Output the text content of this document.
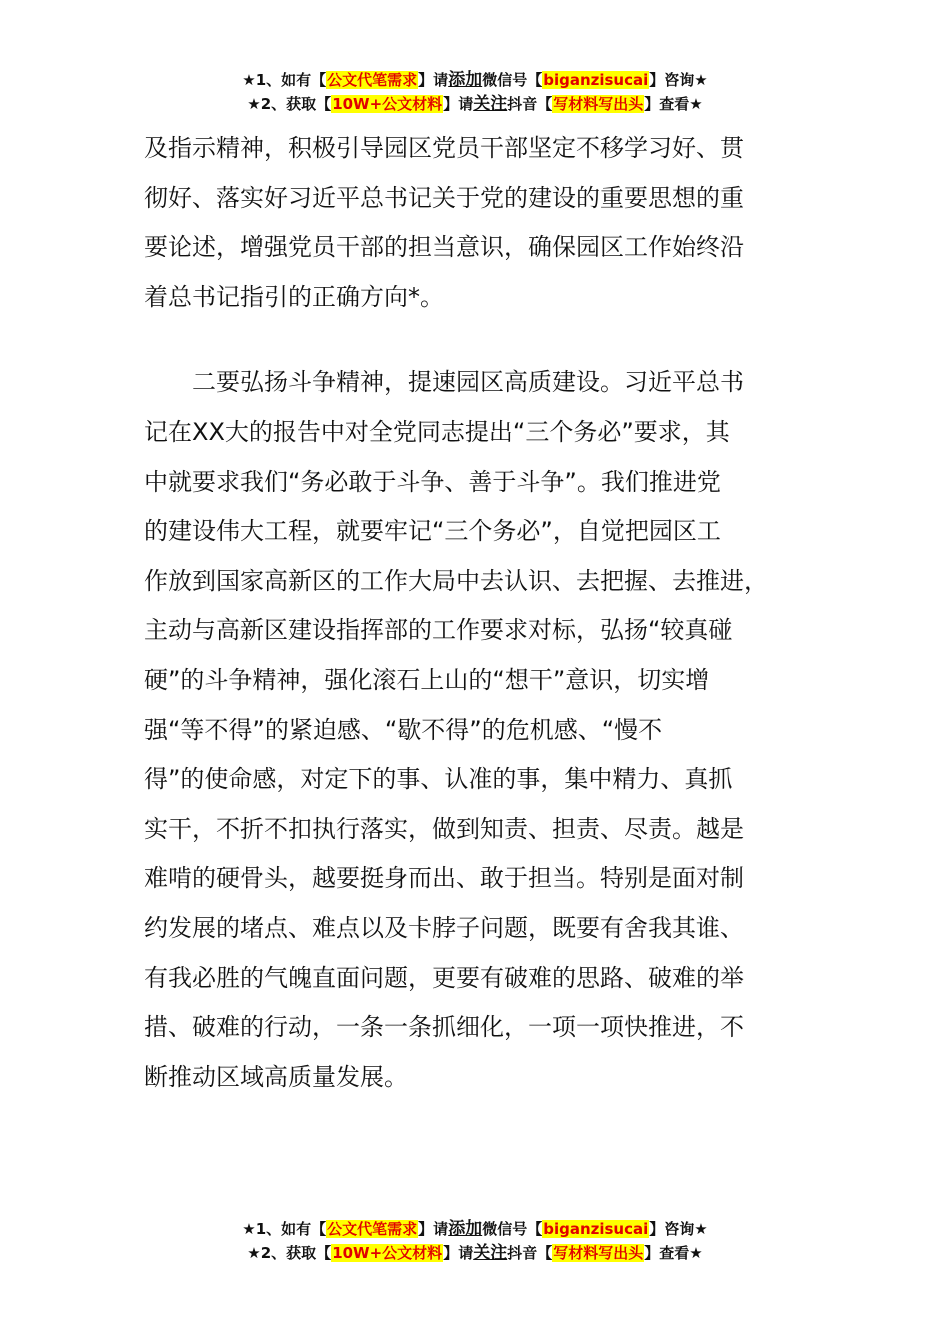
★1、如有【公文代笔需求】请添加微信号【biganzisucai】咨询★
★2、获取【10W+公文材料】请关注抖音【写材料写出头】查看★
及指示精神，积极引导园区党员干部坚定不移学习好、贯
彻好、落实好习近平总书记关于党的建设的重要思想的重
要论述，增强党员干部的担当意识，确保园区工作始终沿
着总书记指引的正确方向*。
　　二要弘扬斗争精神，提速园区高质建设。习近平总书
记在XX大的报告中对全党同志提出“三个务必”要求，其
中就要求我们“务必敢于斗争、善于斗争”。我们推进党
的建设伟大工程，就要牢记“三个务必”，自觉把园区工
作放到国家高新区的工作大局中去认识、去把握、去推进，
主动与高新区建设指挥部的工作要求对标，弘扬“较真碰
硬”的斗争精神，强化滚石上山的“想干”意识，切实增
强“等不得”的紧迫感、“歇不得”的危机感、“慢不
得”的使命感，对定下的事、认准的事，集中精力、真抓
实干，不折不扣执行落实，做到知责、担责、尽责。越是
难啃的硬骨头，越要挺身而出、敢于担当。特别是面对制
约发展的堵点、难点以及卡脖子问题，既要有舍我其谁、
有我必胜的气魄直面问题，更要有破难的思路、破难的举
措、破难的行动，一条一条抓细化，一项一项快推进，不
断推动区域高质量发展。
★1、如有【公文代笔需求】请添加微信号【biganzisucai】咨询★
★2、获取【10W+公文材料】请关注抖音【写材料写出头】查看★
